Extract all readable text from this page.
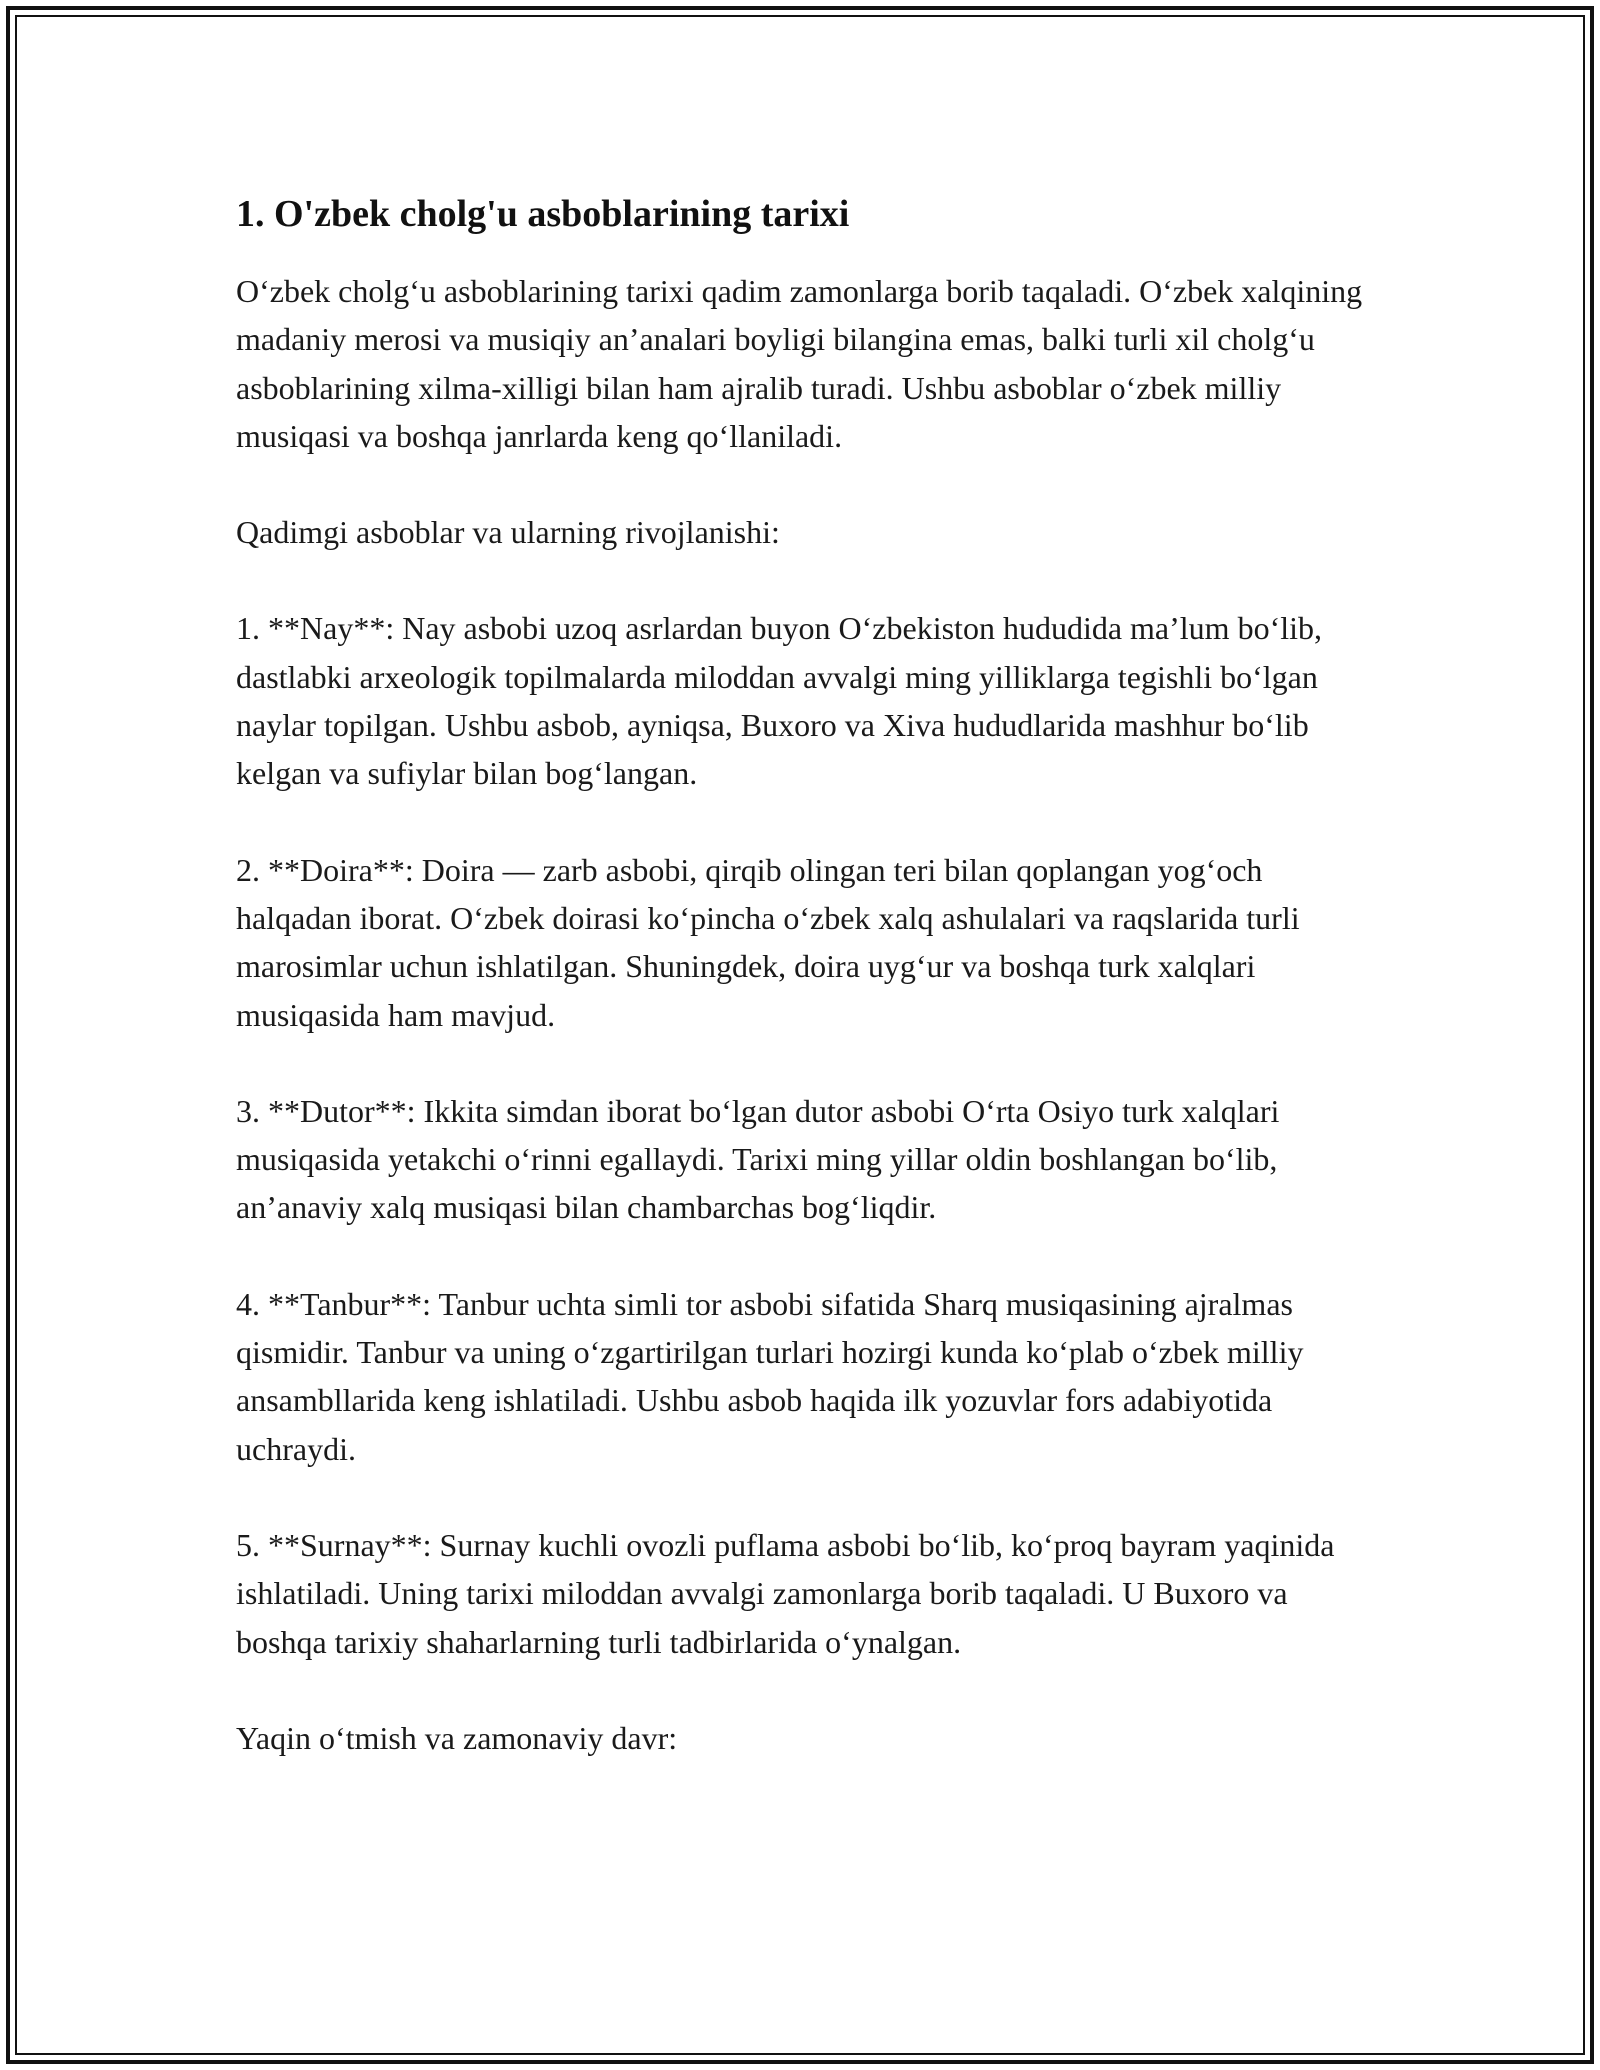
1. O'zbek cholg'u asboblarining tarixi

O‘zbek cholg‘u asboblarining tarixi qadim zamonlarga borib taqaladi. O‘zbek xalqining madaniy merosi va musiqiy an’analari boyligi bilangina emas, balki turli xil cholg‘u asboblarining xilma-xilligi bilan ham ajralib turadi. Ushbu asboblar o‘zbek milliy musiqasi va boshqa janrlarda keng qo‘llaniladi.

Qadimgi asboblar va ularning rivojlanishi:

1. **Nay**: Nay asbobi uzoq asrlardan buyon O‘zbekiston hududida ma’lum bo‘lib, dastlabki arxeologik topilmalarda miloddan avvalgi ming yilliklarga tegishli bo‘lgan naylar topilgan. Ushbu asbob, ayniqsa, Buxoro va Xiva hududlarida mashhur bo‘lib kelgan va sufiylar bilan bog‘langan.

2. **Doira**: Doira — zarb asbobi, qirqib olingan teri bilan qoplangan yog‘och halqadan iborat. O‘zbek doirasi ko‘pincha o‘zbek xalq ashulalari va raqslarida turli marosimlar uchun ishlatilgan. Shuningdek, doira uyg‘ur va boshqa turk xalqlari musiqasida ham mavjud.

3. **Dutor**: Ikkita simdan iborat bo‘lgan dutor asbobi O‘rta Osiyo turk xalqlari musiqasida yetakchi o‘rinni egallaydi. Tarixi ming yillar oldin boshlangan bo‘lib, an’anaviy xalq musiqasi bilan chambarchas bog‘liqdir.

4. **Tanbur**: Tanbur uchta simli tor asbobi sifatida Sharq musiqasining ajralmas qismidir. Tanbur va uning o‘zgartirilgan turlari hozirgi kunda ko‘plab o‘zbek milliy ansambllarida keng ishlatiladi. Ushbu asbob haqida ilk yozuvlar fors adabiyotida uchraydi.

5. **Surnay**: Surnay kuchli ovozli puflama asbobi bo‘lib, ko‘proq bayram yaqinida ishlatiladi. Uning tarixi miloddan avvalgi zamonlarga borib taqaladi. U Buxoro va boshqa tarixiy shaharlarning turli tadbirlarida o‘ynalgan.

Yaqin o‘tmish va zamonaviy davr:
